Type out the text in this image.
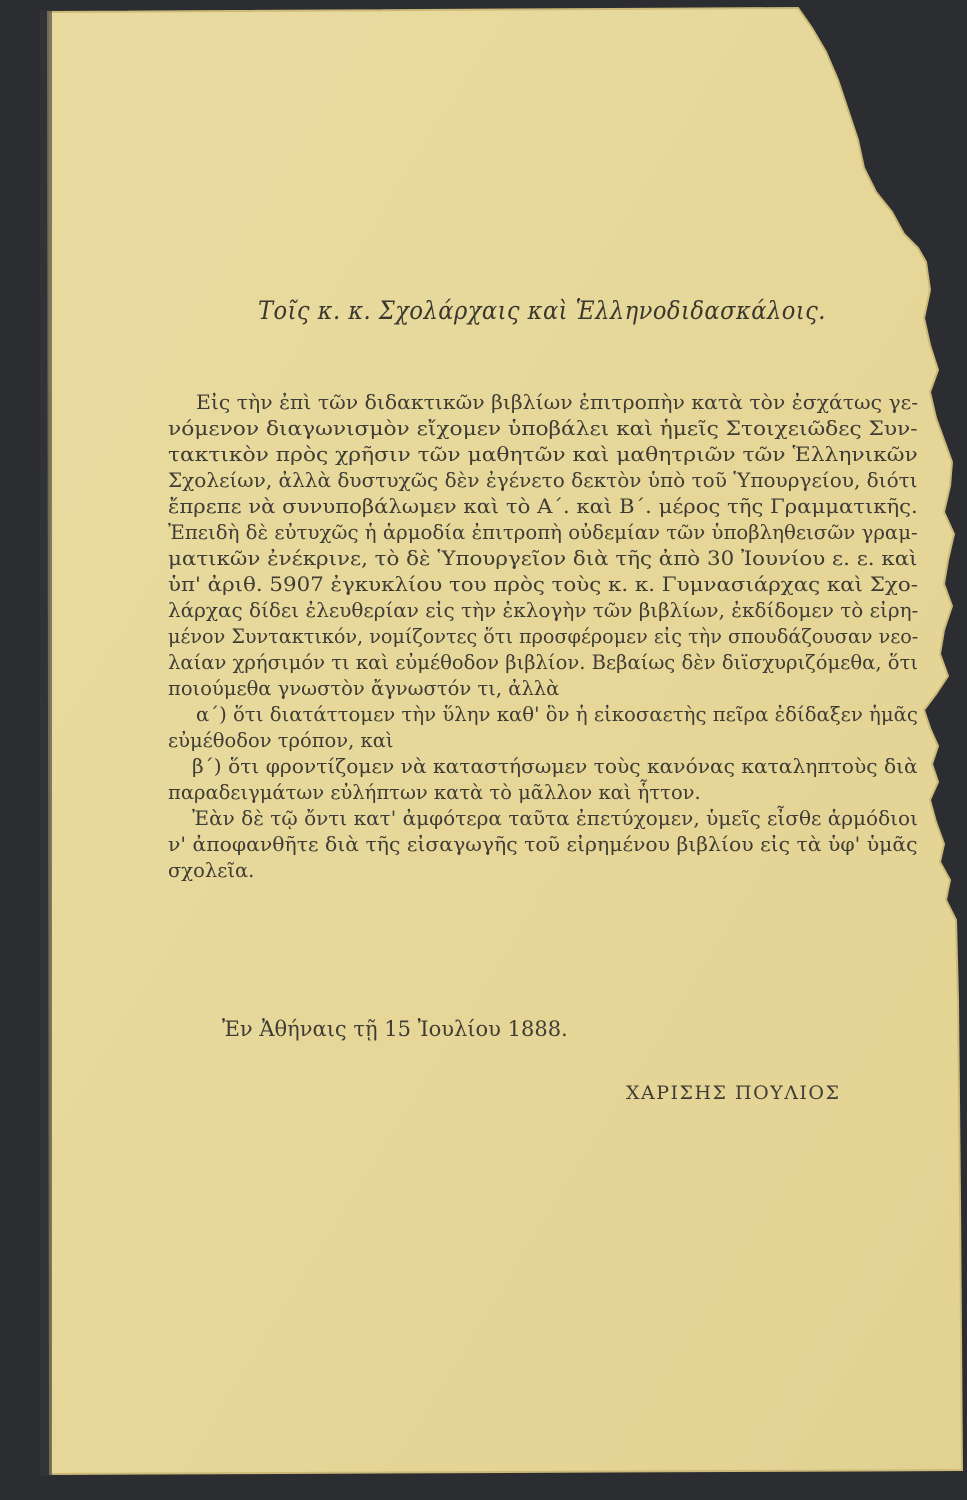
Τοῖς κ. κ. Σχολάρχαις καὶ Ἑλληνοδιδασκάλοις.
Εἰς τὴν ἐπὶ τῶν διδακτικῶν βιβλίων ἐπιτροπὴν κατὰ τὸν ἐσχάτως γε-
νόμενον διαγωνισμὸν εἴχομεν ὑποβάλει καὶ ἡμεῖς Στοιχειῶδες Συν-
τακτικὸν πρὸς χρῆσιν τῶν μαθητῶν καὶ μαθητριῶν τῶν Ἑλληνικῶν
Σχολείων, ἀλλὰ δυστυχῶς δὲν ἐγένετο δεκτὸν ὑπὸ τοῦ Ὑπουργείου, διότι
ἔπρεπε νὰ συνυποβάλωμεν καὶ τὸ Α΄. καὶ Β΄. μέρος τῆς Γραμματικῆς.
Ἐπειδὴ δὲ εὐτυχῶς ἡ ἁρμοδία ἐπιτροπὴ οὐδεμίαν τῶν ὑποβληθεισῶν γραμ-
ματικῶν ἐνέκρινε, τὸ δὲ Ὑπουργεῖον διὰ τῆς ἀπὸ 30 Ἰουνίου ε. ε. καὶ
ὑπ' ἀριθ. 5907 ἐγκυκλίου του πρὸς τοὺς κ. κ. Γυμνασιάρχας καὶ Σχο-
λάρχας δίδει ἐλευθερίαν εἰς τὴν ἐκλογὴν τῶν βιβλίων, ἐκδίδομεν τὸ εἰρη-
μένον Συντακτικόν, νομίζοντες ὅτι προσφέρομεν εἰς τὴν σπουδάζουσαν νεο-
λαίαν χρήσιμόν τι καὶ εὐμέθοδον βιβλίον. Βεβαίως δὲν διϊσχυριζόμεθα, ὅτι
ποιούμεθα γνωστὸν ἄγνωστόν τι, ἀλλὰ
α΄) ὅτι διατάττομεν τὴν ὕλην καθ' ὃν ἡ εἰκοσαετὴς πεῖρα ἐδίδαξεν ἡμᾶς
εὐμέθοδον τρόπον, καὶ
β΄) ὅτι φροντίζομεν νὰ καταστήσωμεν τοὺς κανόνας καταληπτοὺς διὰ
παραδειγμάτων εὐλήπτων κατὰ τὸ μᾶλλον καὶ ἧττον.
Ἐὰν δὲ τῷ ὄντι κατ' ἀμφότερα ταῦτα ἐπετύχομεν, ὑμεῖς εἶσθε ἁρμόδιοι
ν' ἀποφανθῆτε διὰ τῆς εἰσαγωγῆς τοῦ εἰρημένου βιβλίου εἰς τὰ ὑφ' ὑμᾶς
σχολεῖα.
Ἐν Ἀθήναις τῇ 15 Ἰουλίου 1888.
ΧΑΡΙΣΗΣ ΠΟΥΛΙΟΣ
